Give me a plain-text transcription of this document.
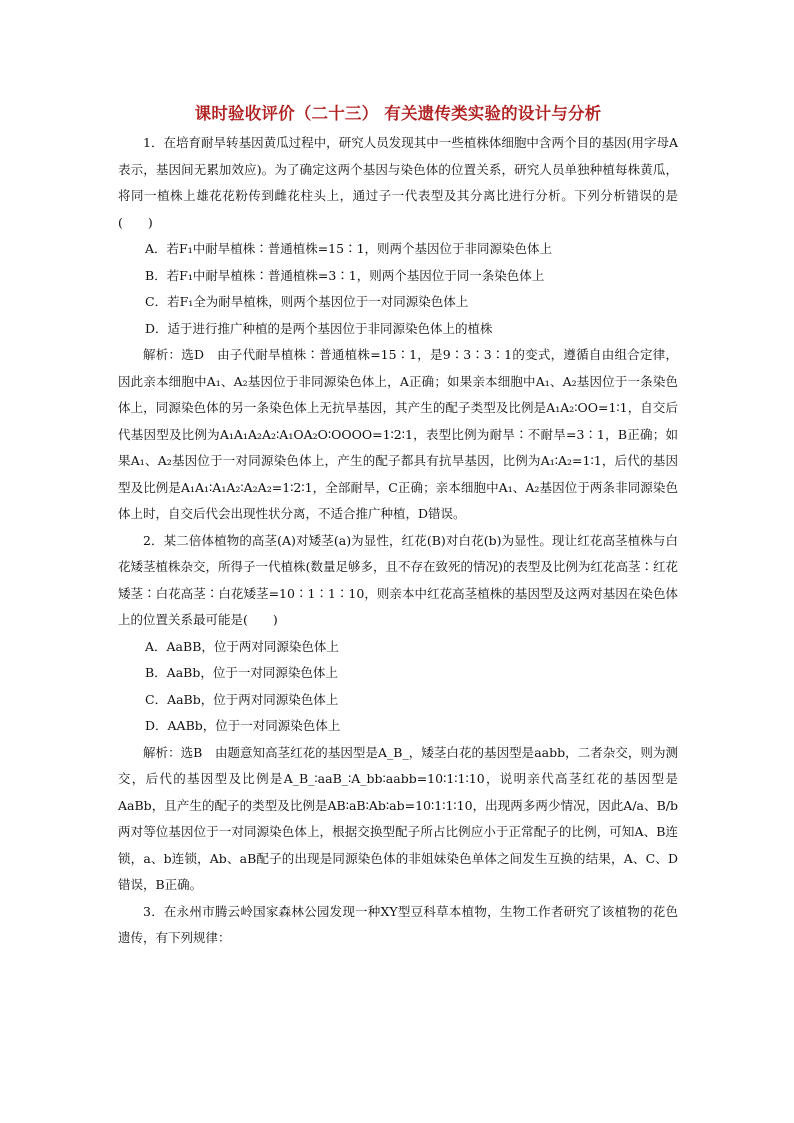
课时验收评价（二十三） 有关遗传类实验的设计与分析

1．在培育耐旱转基因黄瓜过程中，研究人员发现其中一些植株体细胞中含两个目的基因(用字母A表示，基因间无累加效应)。为了确定这两个基因与染色体的位置关系，研究人员单独种植每株黄瓜，将同一植株上雄花花粉传到雌花柱头上，通过子一代表型及其分离比进行分析。下列分析错误的是(　　)

A．若F₁中耐旱植株∶普通植株=15∶1，则两个基因位于非同源染色体上

B．若F₁中耐旱植株∶普通植株=3∶1，则两个基因位于同一条染色体上

C．若F₁全为耐旱植株，则两个基因位于一对同源染色体上

D．适于进行推广种植的是两个基因位于非同源染色体上的植株

解析：选D　由子代耐旱植株∶普通植株=15∶1，是9∶3∶3∶1的变式，遵循自由组合定律，因此亲本细胞中A₁、A₂基因位于非同源染色体上，A正确；如果亲本细胞中A₁、A₂基因位于一条染色体上，同源染色体的另一条染色体上无抗旱基因，其产生的配子类型及比例是A₁A₂∶OO=1∶1，自交后代基因型及比例为A₁A₁A₂A₂∶A₁OA₂O∶OOOO=1∶2∶1，表型比例为耐旱∶不耐旱=3∶1，B正确；如果A₁、A₂基因位于一对同源染色体上，产生的配子都具有抗旱基因，比例为A₁∶A₂=1∶1，后代的基因型及比例是A₁A₁∶A₁A₂∶A₂A₂=1∶2∶1，全部耐旱，C正确；亲本细胞中A₁、A₂基因位于两条非同源染色体上时，自交后代会出现性状分离，不适合推广种植，D错误。

2．某二倍体植物的高茎(A)对矮茎(a)为显性，红花(B)对白花(b)为显性。现让红花高茎植株与白花矮茎植株杂交，所得子一代植株(数量足够多，且不存在致死的情况)的表型及比例为红花高茎∶红花矮茎∶白花高茎∶白花矮茎=10∶1∶1∶10，则亲本中红花高茎植株的基因型及这两对基因在染色体上的位置关系最可能是(　　)

A．AaBB，位于两对同源染色体上

B．AaBb，位于一对同源染色体上

C．AaBb，位于两对同源染色体上

D．AABb，位于一对同源染色体上

解析：选B　由题意知高茎红花的基因型是A_B_，矮茎白花的基因型是aabb，二者杂交，则为测交，后代的基因型及比例是A_B_∶aaB_∶A_bb∶aabb=10∶1∶1∶10，说明亲代高茎红花的基因型是AaBb，且产生的配子的类型及比例是AB∶aB∶Ab∶ab=10∶1∶1∶10，出现两多两少情况，因此A/a、B/b两对等位基因位于一对同源染色体上，根据交换型配子所占比例应小于正常配子的比例，可知A、B连锁，a、b连锁，Ab、aB配子的出现是同源染色体的非姐妹染色单体之间发生互换的结果，A、C、D错误，B正确。

3．在永州市腾云岭国家森林公园发现一种XY型豆科草本植物，生物工作者研究了该植物的花色遗传，有下列规律：
